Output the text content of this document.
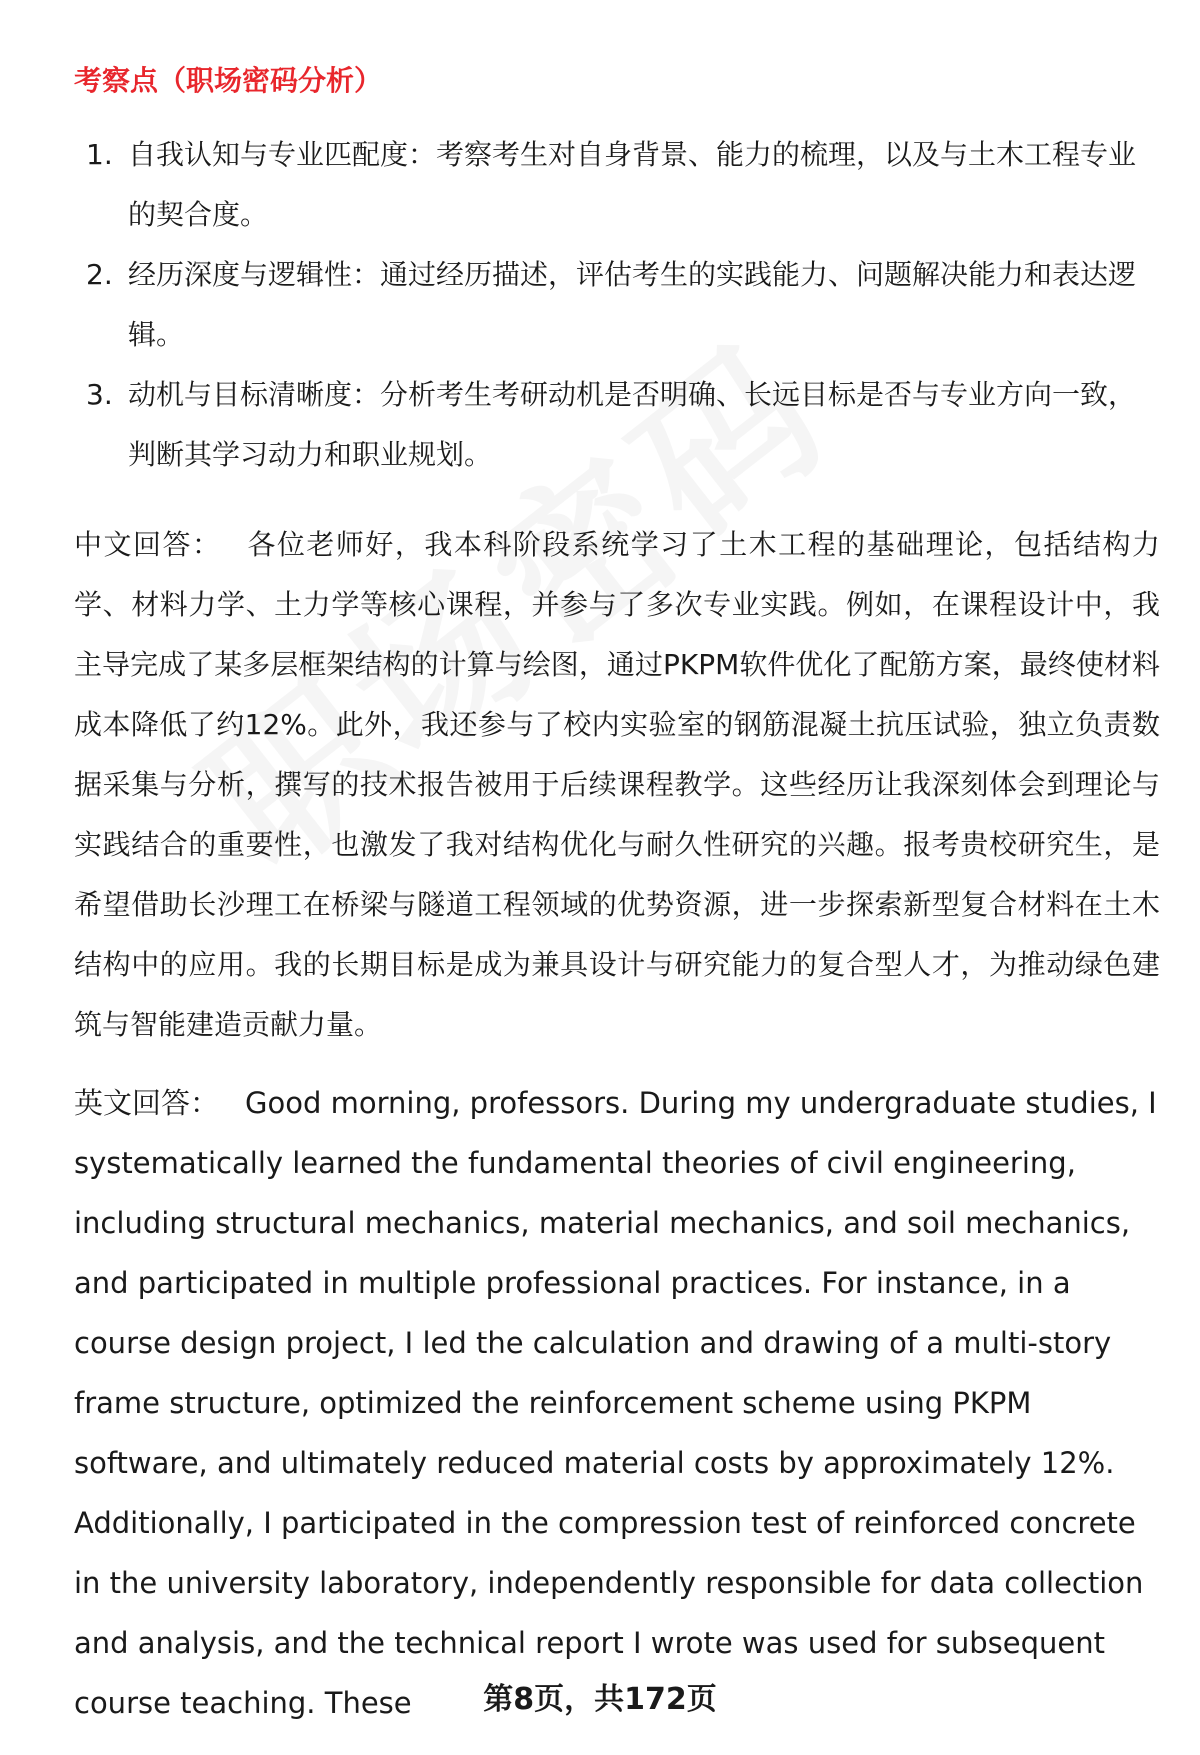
考察点（职场密码分析）
1. 自我认知与专业匹配度：考察考生对自身背景、能力的梳理，以及与土木工程专业的契合度。
2. 经历深度与逻辑性：通过经历描述，评估考生的实践能力、问题解决能力和表达逻辑。
3. 动机与目标清晰度：分析考生考研动机是否明确、长远目标是否与专业方向一致，判断其学习动力和职业规划。

中文回答： 各位老师好，我本科阶段系统学习了土木工程的基础理论，包括结构力学、材料力学、土力学等核心课程，并参与了多次专业实践。例如，在课程设计中，我主导完成了某多层框架结构的计算与绘图，通过PKPM软件优化了配筋方案，最终使材料成本降低了约12%。此外，我还参与了校内实验室的钢筋混凝土抗压试验，独立负责数据采集与分析，撰写的技术报告被用于后续课程教学。这些经历让我深刻体会到理论与实践结合的重要性，也激发了我对结构优化与耐久性研究的兴趣。报考贵校研究生，是希望借助长沙理工在桥梁与隧道工程领域的优势资源，进一步探索新型复合材料在土木结构中的应用。我的长期目标是成为兼具设计与研究能力的复合型人才，为推动绿色建筑与智能建造贡献力量。

英文回答： Good morning, professors. During my undergraduate studies, I systematically learned the fundamental theories of civil engineering, including structural mechanics, material mechanics, and soil mechanics, and participated in multiple professional practices. For instance, in a course design project, I led the calculation and drawing of a multi-story frame structure, optimized the reinforcement scheme using PKPM software, and ultimately reduced material costs by approximately 12%. Additionally, I participated in the compression test of reinforced concrete in the university laboratory, independently responsible for data collection and analysis, and the technical report I wrote was used for subsequent course teaching. These	第8页，共172页
